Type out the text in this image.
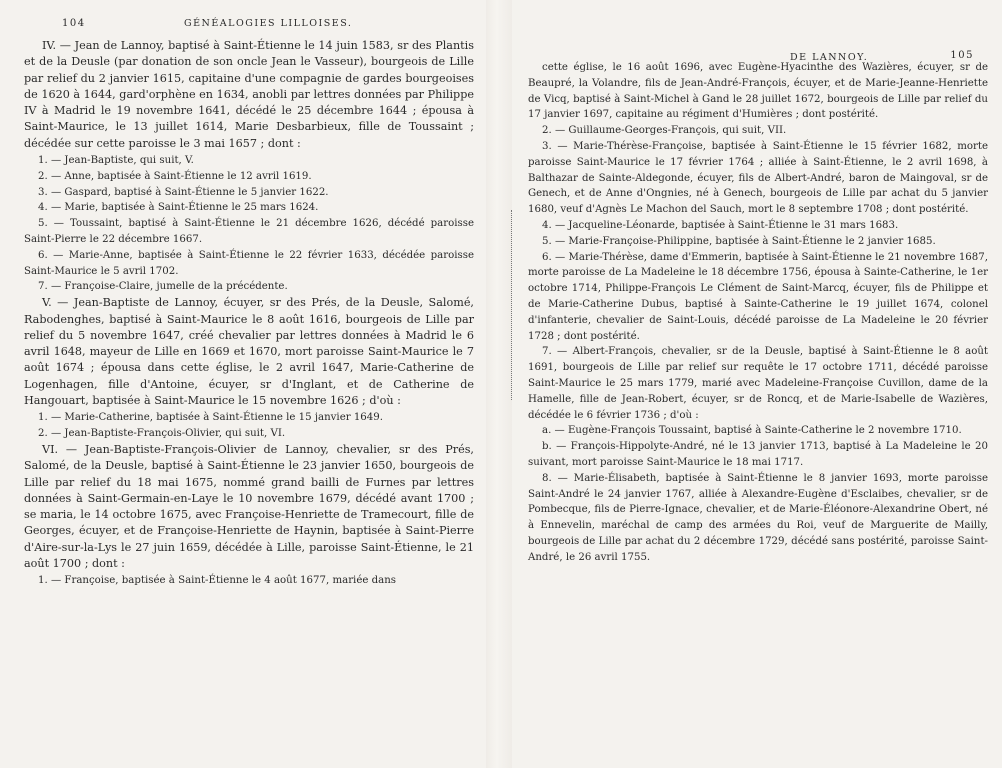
104	GÉNÉALOGIES LILLOISES.

IV. — Jean de Lannoy, baptisé à Saint-Étienne le 14 juin 1583, sr des Plantis et de la Deusle (par donation de son oncle Jean le Vasseur), bourgeois de Lille par relief du 2 janvier 1615, capitaine d'une compagnie de gardes bourgeoises de 1620 à 1644, gard'orphène en 1634, anobli par lettres données par Philippe IV à Madrid le 19 novembre 1641, décédé le 25 décembre 1644 ; épousa à Saint-Maurice, le 13 juillet 1614, Marie Desbarbieux, fille de Toussaint ; décédée sur cette paroisse le 3 mai 1657 ; dont :

1. — Jean-Baptiste, qui suit, V.

2. — Anne, baptisée à Saint-Étienne le 12 avril 1619.

3. — Gaspard, baptisé à Saint-Étienne le 5 janvier 1622.

4. — Marie, baptisée à Saint-Étienne le 25 mars 1624.

5. — Toussaint, baptisé à Saint-Étienne le 21 décembre 1626, décédé paroisse Saint-Pierre le 22 décembre 1667.

6. — Marie-Anne, baptisée à Saint-Étienne le 22 février 1633, décédée paroisse Saint-Maurice le 5 avril 1702.

7. — Françoise-Claire, jumelle de la précédente.

V. — Jean-Baptiste de Lannoy, écuyer, sr des Prés, de la Deusle, Salomé, Rabodenghes, baptisé à Saint-Maurice le 8 août 1616, bourgeois de Lille par relief du 5 novembre 1647, créé chevalier par lettres données à Madrid le 6 avril 1648, mayeur de Lille en 1669 et 1670, mort paroisse Saint-Maurice le 7 août 1674 ; épousa dans cette église, le 2 avril 1647, Marie-Catherine de Logenhagen, fille d'Antoine, écuyer, sr d'Inglant, et de Catherine de Hangouart, baptisée à Saint-Maurice le 15 novembre 1626 ; d'où :

1. — Marie-Catherine, baptisée à Saint-Étienne le 15 janvier 1649.

2. — Jean-Baptiste-François-Olivier, qui suit, VI.

VI. — Jean-Baptiste-François-Olivier de Lannoy, chevalier, sr des Prés, Salomé, de la Deusle, baptisé à Saint-Étienne le 23 janvier 1650, bourgeois de Lille par relief du 18 mai 1675, nommé grand bailli de Furnes par lettres données à Saint-Germain-en-Laye le 10 novembre 1679, décédé avant 1700 ; se maria, le 14 octobre 1675, avec Françoise-Henriette de Tramecourt, fille de Georges, écuyer, et de Françoise-Henriette de Haynin, baptisée à Saint-Pierre d'Aire-sur-la-Lys le 27 juin 1659, décédée à Lille, paroisse Saint-Étienne, le 21 août 1700 ; dont :

1. — Françoise, baptisée à Saint-Étienne le 4 août 1677, mariée dans

DE LANNOY.	105

cette église, le 16 août 1696, avec Eugène-Hyacinthe des Wazières, écuyer, sr de Beaupré, la Volandre, fils de Jean-André-François, écuyer, et de Marie-Jeanne-Henriette de Vicq, baptisé à Saint-Michel à Gand le 28 juillet 1672, bourgeois de Lille par relief du 17 janvier 1697, capitaine au régiment d'Humières ; dont postérité.

2. — Guillaume-Georges-François, qui suit, VII.

3. — Marie-Thérèse-Françoise, baptisée à Saint-Étienne le 15 février 1682, morte paroisse Saint-Maurice le 17 février 1764 ; alliée à Saint-Étienne, le 2 avril 1698, à Balthazar de Sainte-Aldegonde, écuyer, fils de Albert-André, baron de Maingoval, sr de Genech, et de Anne d'Ongnies, né à Genech, bourgeois de Lille par achat du 5 janvier 1680, veuf d'Agnès Le Machon del Sauch, mort le 8 septembre 1708 ; dont postérité.

4. — Jacqueline-Léonarde, baptisée à Saint-Étienne le 31 mars 1683.

5. — Marie-Françoise-Philippine, baptisée à Saint-Étienne le 2 janvier 1685.

6. — Marie-Thérèse, dame d'Emmerin, baptisée à Saint-Étienne le 21 novembre 1687, morte paroisse de La Madeleine le 18 décembre 1756, épousa à Sainte-Catherine, le 1er octobre 1714, Philippe-François Le Clément de Saint-Marcq, écuyer, fils de Philippe et de Marie-Catherine Dubus, baptisé à Sainte-Catherine le 19 juillet 1674, colonel d'infanterie, chevalier de Saint-Louis, décédé paroisse de La Madeleine le 20 février 1728 ; dont postérité.

7. — Albert-François, chevalier, sr de la Deusle, baptisé à Saint-Étienne le 8 août 1691, bourgeois de Lille par relief sur requête le 17 octobre 1711, décédé paroisse Saint-Maurice le 25 mars 1779, marié avec Madeleine-Françoise Cuvillon, dame de la Hamelle, fille de Jean-Robert, écuyer, sr de Roncq, et de Marie-Isabelle de Wazières, décédée le 6 février 1736 ; d'où :

a. — Eugène-François Toussaint, baptisé à Sainte-Catherine le 2 novembre 1710.

b. — François-Hippolyte-André, né le 13 janvier 1713, baptisé à La Madeleine le 20 suivant, mort paroisse Saint-Maurice le 18 mai 1717.

8. — Marie-Élisabeth, baptisée à Saint-Étienne le 8 janvier 1693, morte paroisse Saint-André le 24 janvier 1767, alliée à Alexandre-Eugène d'Esclaibes, chevalier, sr de Pombecque, fils de Pierre-Ignace, chevalier, et de Marie-Éléonore-Alexandrine Obert, né à Ennevelin, maréchal de camp des armées du Roi, veuf de Marguerite de Mailly, bourgeois de Lille par achat du 2 décembre 1729, décédé sans postérité, paroisse Saint-André, le 26 avril 1755.
